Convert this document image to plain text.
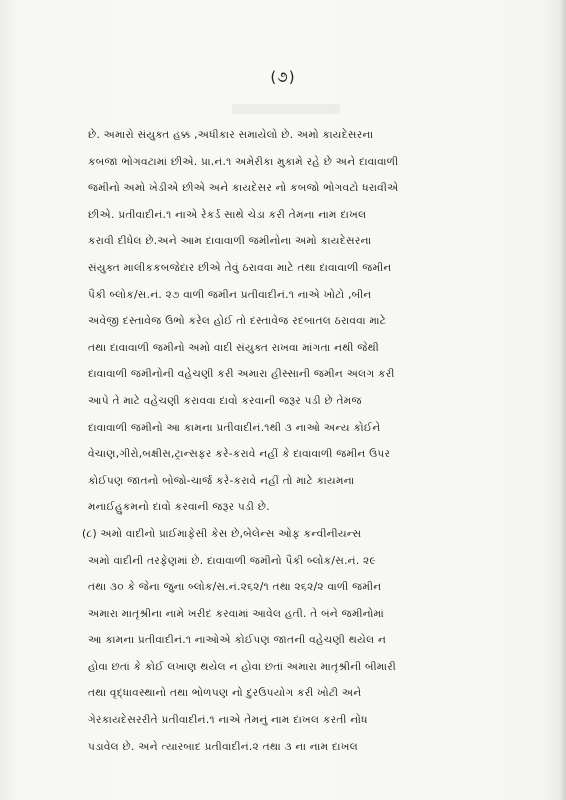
(૭)
છે. અમારો સંયુક્ત હક્ક ,અધીકાર સમાયેલો છે. અમો કાયદેસરના
કબજા ભોગવટામાં છીએ. પ્રા.નં.૧ અમેરીકા મુકામે રહે છે અને દાવાવાળી
જમીનો અમો ખેડીએ છીએ અને કાયદેસર નો કબજો ભોગવટો ધરાવીએ
છીએ. પ્રતીવાદીનં.૧ નાએ રેકર્ડ સાથે ચેડા કરી તેમના નામ દાખલ
કરાવી દીધેલ છે.અને આમ દાવાવાળી જમીનોના અમો કાયદેસરના
સંયુક્ત માલીકકબજેદાર છીએ તેવું ઠરાવવા માટે તથા દાવાવાળી જમીન
પૈકી બ્લોક/સ.નં. ૨૭ વાળી જમીન પ્રતીવાદીનં.૧ નાએ ખોટો ,બીન
અવેજી દસ્તાવેજ ઉભો કરેલ હોઈ તો દસ્તાવેજ રદબાતલ ઠરાવવા માટે
તથા દાવાવાળી જમીનો અમો વાદી સંયુક્ત રાખવા માંગતા નથી જેથી
દાવાવાળી જમીનોની વહેચણી કરી અમારા હીસ્સાની જમીન અલગ કરી
આપે તે માટે વહેચણી કરાવવા દાવો કરવાની જરૂર પડી છે તેમજ
દાવાવાળી જમીનો આ કામના પ્રતીવાદીનં.૧થી ૩ નાઓ અન્ય કોઈને
વેચાણ,ગીરો,બક્ષીસ,ટ્રાન્સફર કરે-કરાવે નહીં કે દાવાવાળી જમીન ઉપર
કોઈપણ જાતનો બોજો-ચાર્જ કરે-કરાવે નહીં તો માટે કાયમના
મનાઈહુકમનો દાવો કરવાની જરૂર પડી છે.
(૮) અમો વાદીનો પ્રાઈમાફેસી કેસ છે,બેલેન્સ ઓફ કન્વીનીયન્સ
અમો વાદીની તરફેણમાં છે. દાવાવાળી જમીનો પૈકી બ્લોક/સ.નં. ૨૯
તથા ૩૦ કે જેના જુના બ્લોક/સ.નં.૨૬૨/૧ તથા ૨૬૨/૨ વાળી જમીન
અમારા માતૃશ્રીના નામે ખરીદ કરવામાં આવેલ હતી. તે બંને જમીનોમાં
આ કામના પ્રતીવાદીનં.૧ નાઓએ કોઈપણ જાતની વહેચણી થયેલ ન
હોવા છતાં કે કોઈ લખાણ થયેલ ન હોવા છતાં અમારા માતૃશ્રીની બીમારી
તથા વૃદ્ધાવસ્થાનો તથા ભોળપણ નો દુરઉપયોગ કરી ખોટી અને
ગેરકાયદેસરરીતે પ્રતીવાદીનં.૧ નાએ તેમનું નામ દાખલ કરતી નોંધ
પડાવેલ છે. અને ત્યારબાદ પ્રતીવાદીનં.૨ તથા ૩ ના નામ દાખલ
